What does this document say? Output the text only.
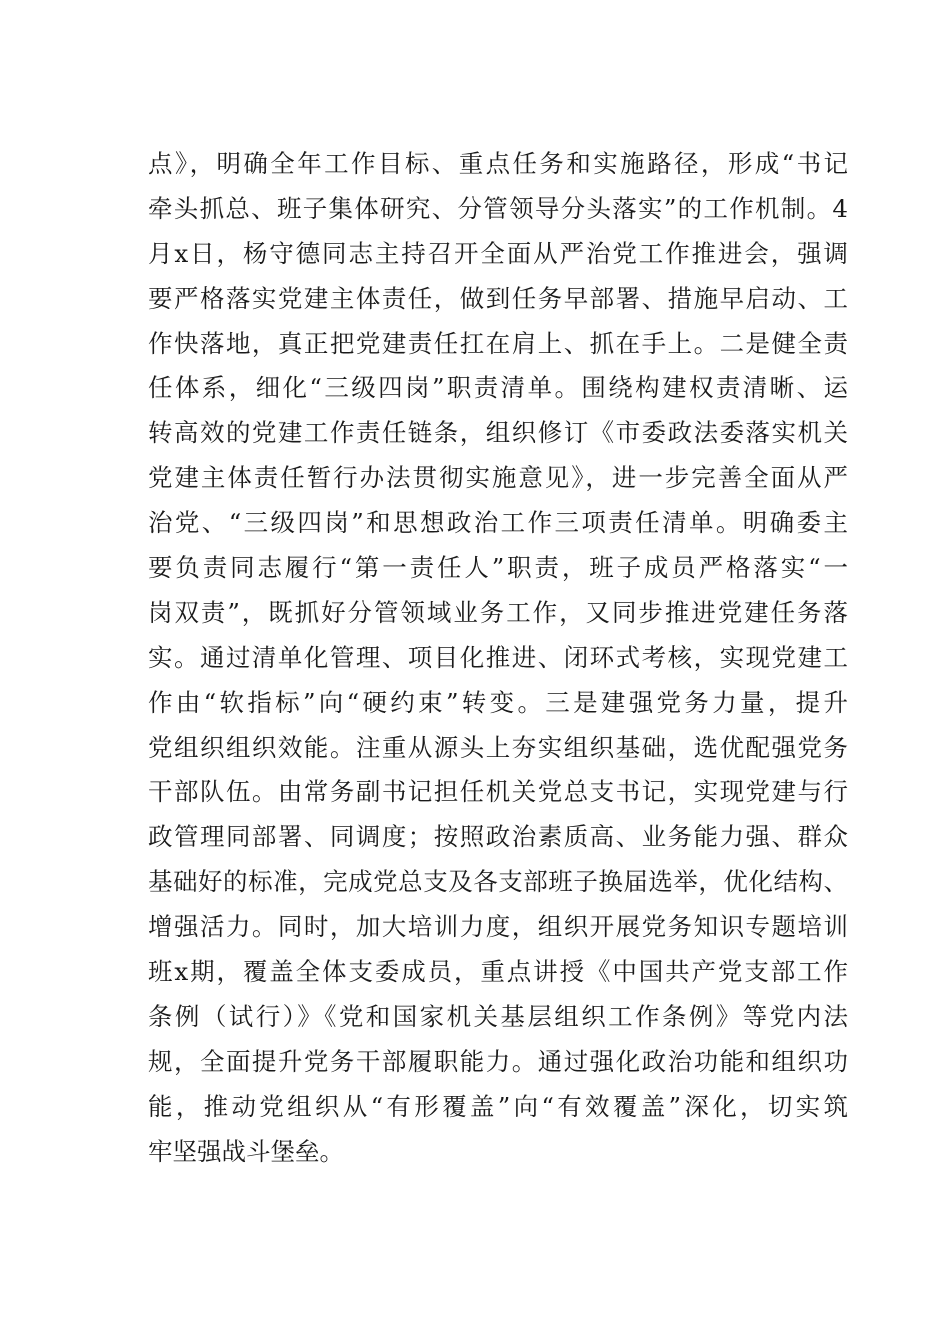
点》，明确全年工作目标、重点任务和实施路径，形成“书记
牵头抓总、班子集体研究、分管领导分头落实”的工作机制。4
月x日，杨守德同志主持召开全面从严治党工作推进会，强调
要严格落实党建主体责任，做到任务早部署、措施早启动、工
作快落地，真正把党建责任扛在肩上、抓在手上。二是健全责
任体系，细化“三级四岗”职责清单。围绕构建权责清晰、运
转高效的党建工作责任链条，组织修订《市委政法委落实机关
党建主体责任暂行办法贯彻实施意见》，进一步完善全面从严
治党、“三级四岗”和思想政治工作三项责任清单。明确委主
要负责同志履行“第一责任人”职责，班子成员严格落实“一
岗双责”，既抓好分管领域业务工作，又同步推进党建任务落
实。通过清单化管理、项目化推进、闭环式考核，实现党建工
作由“软指标”向“硬约束”转变。三是建强党务力量，提升
党组织组织效能。注重从源头上夯实组织基础，选优配强党务
干部队伍。由常务副书记担任机关党总支书记，实现党建与行
政管理同部署、同调度；按照政治素质高、业务能力强、群众
基础好的标准，完成党总支及各支部班子换届选举，优化结构、
增强活力。同时，加大培训力度，组织开展党务知识专题培训
班x期，覆盖全体支委成员，重点讲授《中国共产党支部工作
条例（试行）》《党和国家机关基层组织工作条例》等党内法
规，全面提升党务干部履职能力。通过强化政治功能和组织功
能，推动党组织从“有形覆盖”向“有效覆盖”深化，切实筑
牢坚强战斗堡垒。
